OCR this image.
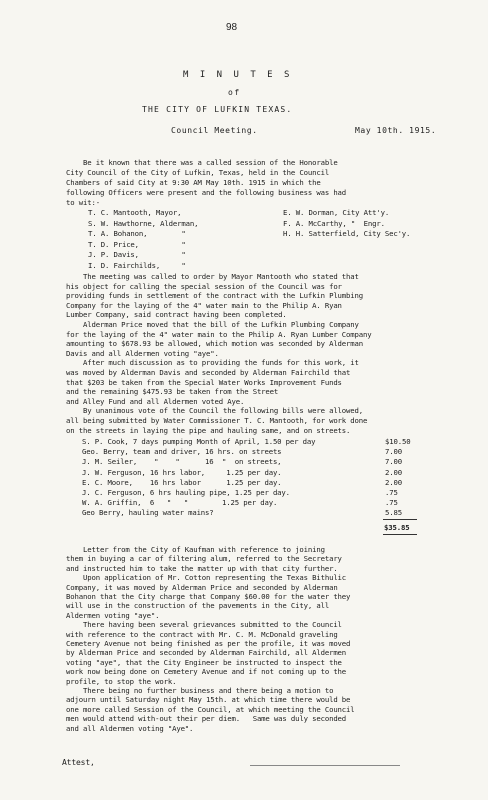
98
M I N U T E S
of
THE CITY OF LUFKIN TEXAS.
Council Meeting.	May 10th. 1915.
Be it known that there was a called session of the Honorable
City Council of the City of Lufkin, Texas, held in the Council
Chambers of said City at 9:30 AM May 10th. 1915 in which the
following Officers were present and the following business was had
to wit:-
T. C. Mantooth, Mayor,
S. W. Hawthorne, Alderman,
T. A. Bohanon,        "
T. D. Price,          "
J. P. Davis,          "
I. D. Fairchilds,     "
E. W. Dorman, City Att'y.
F. A. McCarthy, "  Engr.
H. H. Satterfield, City Sec'y.
The meeting was called to order by Mayor Mantooth who stated that
his object for calling the special session of the Council was for
providing funds in settlement of the contract with the Lufkin Plumbing
Company for the laying of the 4" water main to the Philip A. Ryan
Lumber Company, said contract having been completed.
Alderman Price moved that the bill of the Lufkin Plumbing Company
for the laying of the 4" water main to the Philip A. Ryan Lumber Company
amounting to $678.93 be allowed, which motion was seconded by Alderman
Davis and all Aldermen voting "aye".
After much discussion as to providing the funds for this work, it
was moved by Alderman Davis and seconded by Alderman Fairchild that
that $203 be taken from the Special Water Works Improvement Funds
and the remaining $475.93 be taken from the Street
and Alley Fund and all Aldermen voted Aye.
By unanimous vote of the Council the following bills were allowed,
all being submitted by Water Commissioner T. C. Mantooth, for work done
on the streets in laying the pipe and hauling same, and on streets.
S. P. Cook, 7 days pumping Month of April, 1.50 per day	$10.50
Geo. Berry, team and driver, 16 hrs. on streets	7.00
J. M. Seiler,    "    "      16  "  on streets,	7.00
J. W. Ferguson, 16 hrs labor,     1.25 per day.	2.00
E. C. Moore,    16 hrs labor      1.25 per day.	2.00
J. C. Ferguson, 6 hrs hauling pipe, 1.25 per day.	.75
W. A. Griffin,  6   "   "        1.25 per day.	.75
Geo Berry, hauling water mains?	5.85
$35.85
Letter from the City of Kaufman with reference to joining
them in buying a car of filtering alum, referred to the Secretary
and instructed him to take the matter up with that city further.
Upon application of Mr. Cotton representing the Texas Bithulic
Company, it was moved by Alderman Price and seconded by Alderman
Bohanon that the City charge that Company $60.00 for the water they
will use in the construction of the pavements in the City, all
Aldermen voting "aye".
There having been several grievances submitted to the Council
with reference to the contract with Mr. C. M. McDonald graveling
Cemetery Avenue not being finished as per the profile, it was moved
by Alderman Price and seconded by Alderman Fairchild, all Aldermen
voting "aye", that the City Engineer be instructed to inspect the
work now being done on Cemetery Avenue and if not coming up to the
profile, to stop the work.
There being no further business and there being a motion to
adjourn until Saturday night May 15th. at which time there would be
one more called Session of the Council, at which meeting the Council
men would attend with-out their per diem.   Same was duly seconded
and all Aldermen voting "Aye".
Attest,
